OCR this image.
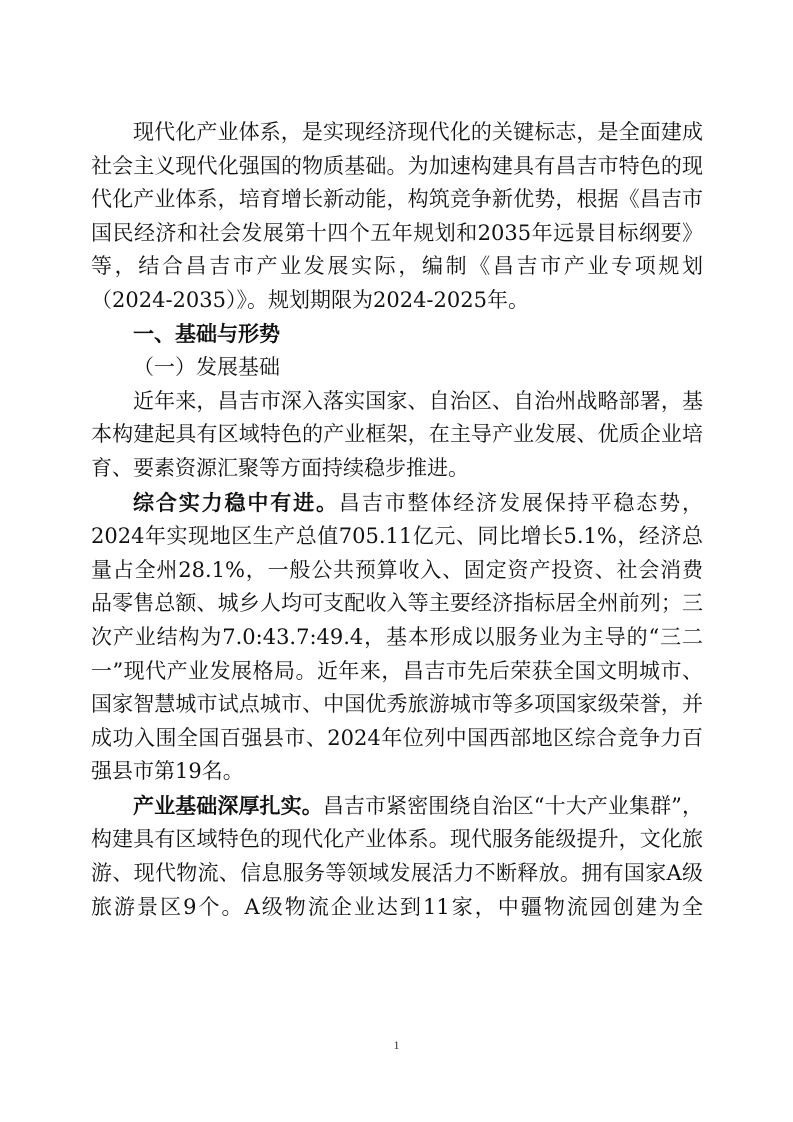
现代化产业体系，是实现经济现代化的关键标志，是全面建成社会主义现代化强国的物质基础。为加速构建具有昌吉市特色的现代化产业体系，培育增长新动能，构筑竞争新优势，根据《昌吉市国民经济和社会发展第十四个五年规划和2035年远景目标纲要》等，结合昌吉市产业发展实际，编制《昌吉市产业专项规划（2024-2035）》。规划期限为2024-2025年。

一、基础与形势

（一）发展基础

近年来，昌吉市深入落实国家、自治区、自治州战略部署，基本构建起具有区域特色的产业框架，在主导产业发展、优质企业培育、要素资源汇聚等方面持续稳步推进。

综合实力稳中有进。昌吉市整体经济发展保持平稳态势，2024年实现地区生产总值705.11亿元、同比增长5.1%，经济总量占全州28.1%，一般公共预算收入、固定资产投资、社会消费品零售总额、城乡人均可支配收入等主要经济指标居全州前列；三次产业结构为7.0:43.7:49.4，基本形成以服务业为主导的“三二一”现代产业发展格局。近年来，昌吉市先后荣获全国文明城市、国家智慧城市试点城市、中国优秀旅游城市等多项国家级荣誉，并成功入围全国百强县市、2024年位列中国西部地区综合竞争力百强县市第19名。

产业基础深厚扎实。昌吉市紧密围绕自治区“十大产业集群”，构建具有区域特色的现代化产业体系。现代服务能级提升，文化旅游、现代物流、信息服务等领域发展活力不断释放。拥有国家A级旅游景区9个。A级物流企业达到11家，中疆物流园创建为全

1
